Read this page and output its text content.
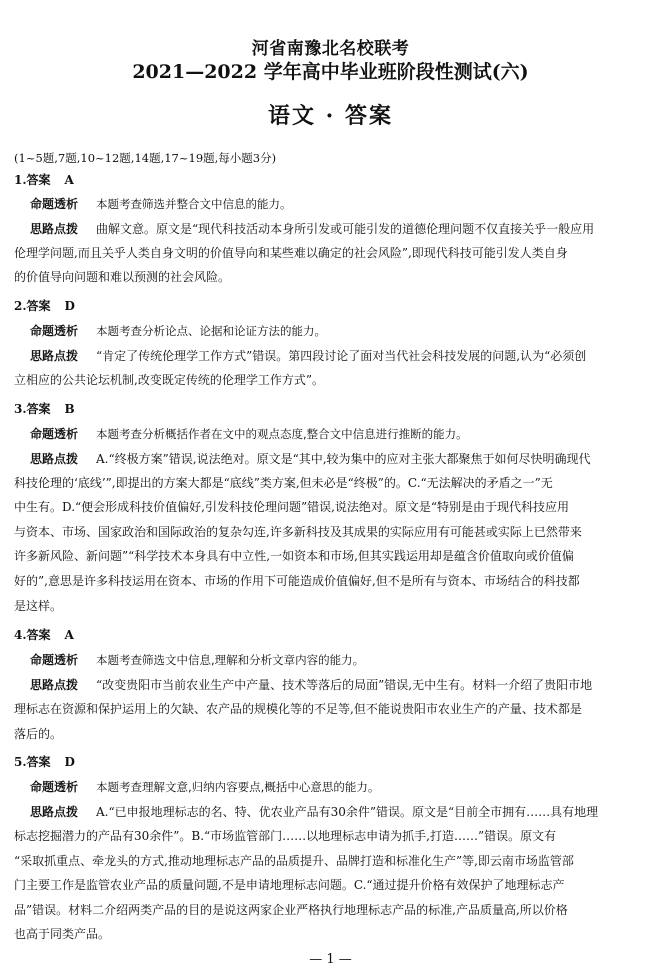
河省南豫北名校联考
2021—2022 学年高中毕业班阶段性测试(六)
语文 · 答案
(1~5题,7题,10~12题,14题,17~19题,每小题3分)
1.答案 A
命题透析 本题考查筛选并整合文中信息的能力。
思路点拨 曲解文意。原文是“现代科技活动本身所引发或可能引发的道德伦理问题不仅直接关乎一般应用
伦理学问题,而且关乎人类自身文明的价值导向和某些难以确定的社会风险”,即现代科技可能引发人类自身
的价值导向问题和难以预测的社会风险。
2.答案 D
命题透析 本题考查分析论点、论据和论证方法的能力。
思路点拨 “肯定了传统伦理学工作方式”错误。第四段讨论了面对当代社会科技发展的问题,认为“必须创
立相应的公共论坛机制,改变既定传统的伦理学工作方式”。
3.答案 B
命题透析 本题考查分析概括作者在文中的观点态度,整合文中信息进行推断的能力。
思路点拨 A.“终极方案”错误,说法绝对。原文是“其中,较为集中的应对主张大都聚焦于如何尽快明确现代
科技伦理的‘底线’”,即提出的方案大都是“底线”类方案,但未必是“终极”的。C.“无法解决的矛盾之一”无
中生有。D.“便会形成科技价值偏好,引发科技伦理问题”错误,说法绝对。原文是“特别是由于现代科技应用
与资本、市场、国家政治和国际政治的复杂勾连,许多新科技及其成果的实际应用有可能甚或实际上已然带来
许多新风险、新问题”“科学技术本身具有中立性,一如资本和市场,但其实践运用却是蕴含价值取向或价值偏
好的”,意思是许多科技运用在资本、市场的作用下可能造成价值偏好,但不是所有与资本、市场结合的科技都
是这样。
4.答案 A
命题透析 本题考查筛选文中信息,理解和分析文章内容的能力。
思路点拨 “改变贵阳市当前农业生产中产量、技术等落后的局面”错误,无中生有。材料一介绍了贵阳市地
理标志在资源和保护运用上的欠缺、农产品的规模化等的不足等,但不能说贵阳市农业生产的产量、技术都是
落后的。
5.答案 D
命题透析 本题考查理解文意,归纳内容要点,概括中心意思的能力。
思路点拨 A.“已申报地理标志的名、特、优农业产品有30余件”错误。原文是“目前全市拥有……具有地理
标志挖掘潜力的产品有30余件”。B.“市场监管部门……以地理标志申请为抓手,打造……”错误。原文有
“采取抓重点、牵龙头的方式,推动地理标志产品的品质提升、品牌打造和标准化生产”等,即云南市场监管部
门主要工作是监管农业产品的质量问题,不是申请地理标志问题。C.“通过提升价格有效保护了地理标志产
品”错误。材料二介绍两类产品的目的是说这两家企业严格执行地理标志产品的标准,产品质量高,所以价格
也高于同类产品。
— 1 —
